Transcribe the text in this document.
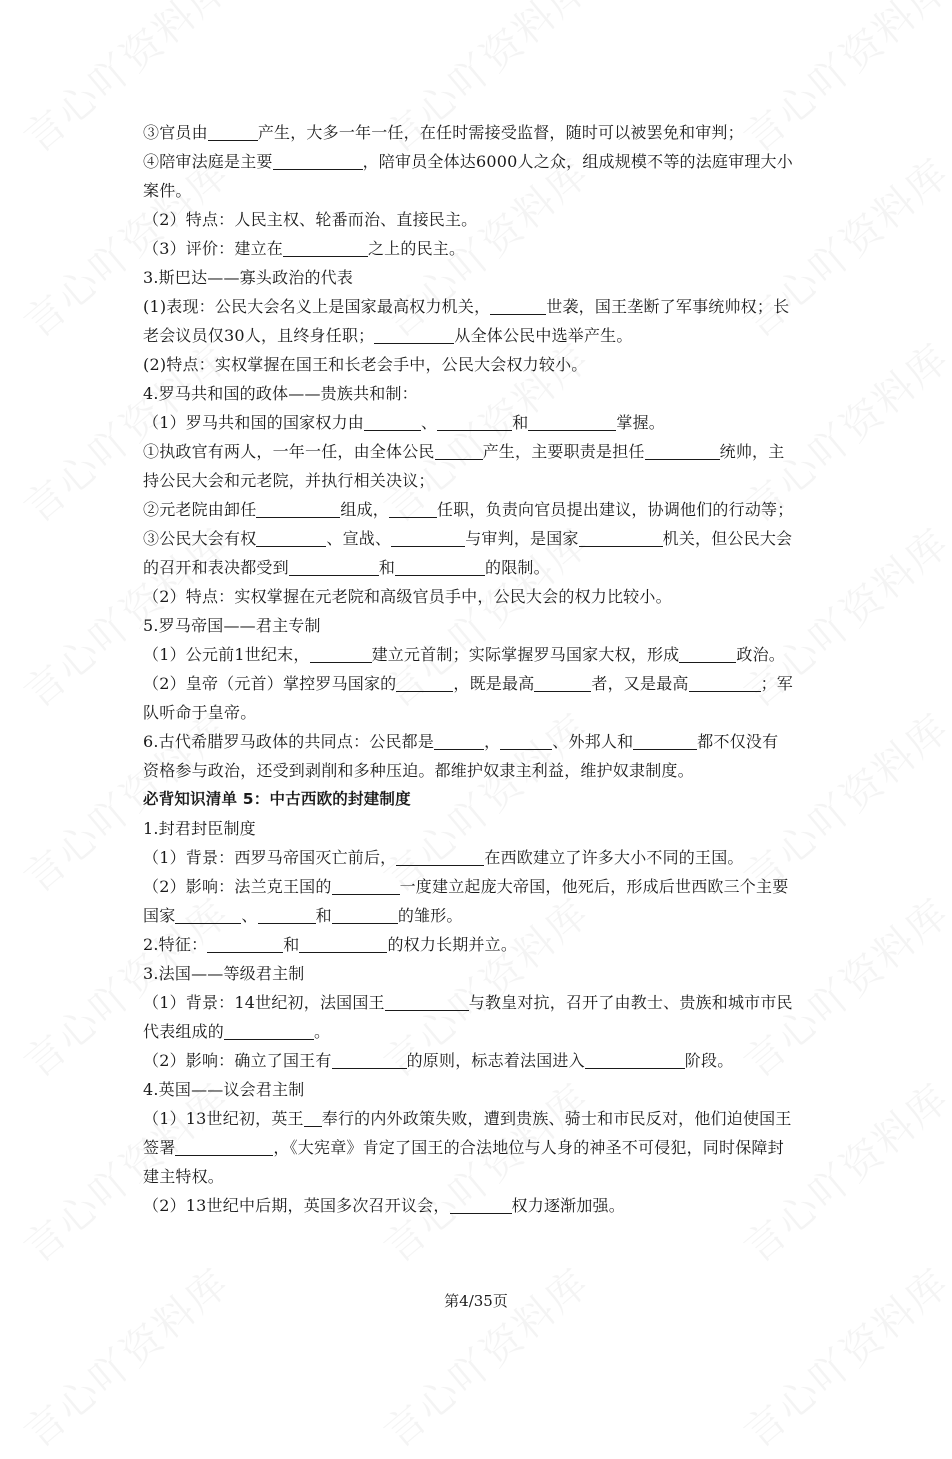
③官员由	产生，大多一年一任，在任时需接受监督，随时可以被罢免和审判；
④陪审法庭是主要	，陪审员全体达6000人之众，组成规模不等的法庭审理大小
案件。
（2）特点：人民主权、轮番而治、直接民主。
（3）评价：建立在	之上的民主。
3.斯巴达——寡头政治的代表
(1)表现：公民大会名义上是国家最高权力机关，	世袭，国王垄断了军事统帅权；长
老会议员仅30人，且终身任职；	从全体公民中选举产生。
(2)特点：实权掌握在国王和长老会手中，公民大会权力较小。
4.罗马共和国的政体——贵族共和制：
（1）罗马共和国的国家权力由	、	和	掌握。
①执政官有两人，一年一任，由全体公民	产生，主要职责是担任	统帅，主
持公民大会和元老院，并执行相关决议；
②元老院由卸任	组成，	任职，负责向官员提出建议，协调他们的行动等；
③公民大会有权	、宣战、	与审判，是国家	机关，但公民大会
的召开和表决都受到	和	的限制。
（2）特点：实权掌握在元老院和高级官员手中，公民大会的权力比较小。
5.罗马帝国——君主专制
（1）公元前1世纪末，	建立元首制；实际掌握罗马国家大权，形成	政治。
（2）皇帝（元首）掌控罗马国家的	，既是最高	者，又是最高	；军
队听命于皇帝。
6.古代希腊罗马政体的共同点：公民都是	，	、外邦人和	都不仅没有
资格参与政治，还受到剥削和多种压迫。都维护奴隶主利益，维护奴隶制度。
必背知识清单 5：中古西欧的封建制度
1.封君封臣制度
（1）背景：西罗马帝国灭亡前后，	在西欧建立了许多大小不同的王国。
（2）影响：法兰克王国的	一度建立起庞大帝国，他死后，形成后世西欧三个主要
国家	、	和	的雏形。
2.特征：	和	的权力长期并立。
3.法国——等级君主制
（1）背景：14世纪初，法国国王	与教皇对抗，召开了由教士、贵族和城市市民
代表组成的	。
（2）影响：确立了国王有	的原则，标志着法国进入	阶段。
4.英国——议会君主制
（1）13世纪初，英王 奉行的内外政策失败，遭到贵族、骑士和市民反对，他们迫使国王
签署	，《大宪章》肯定了国王的合法地位与人身的神圣不可侵犯，同时保障封
建主特权。
（2）13世纪中后期，英国多次召开议会，	权力逐渐加强。
第4/35页
